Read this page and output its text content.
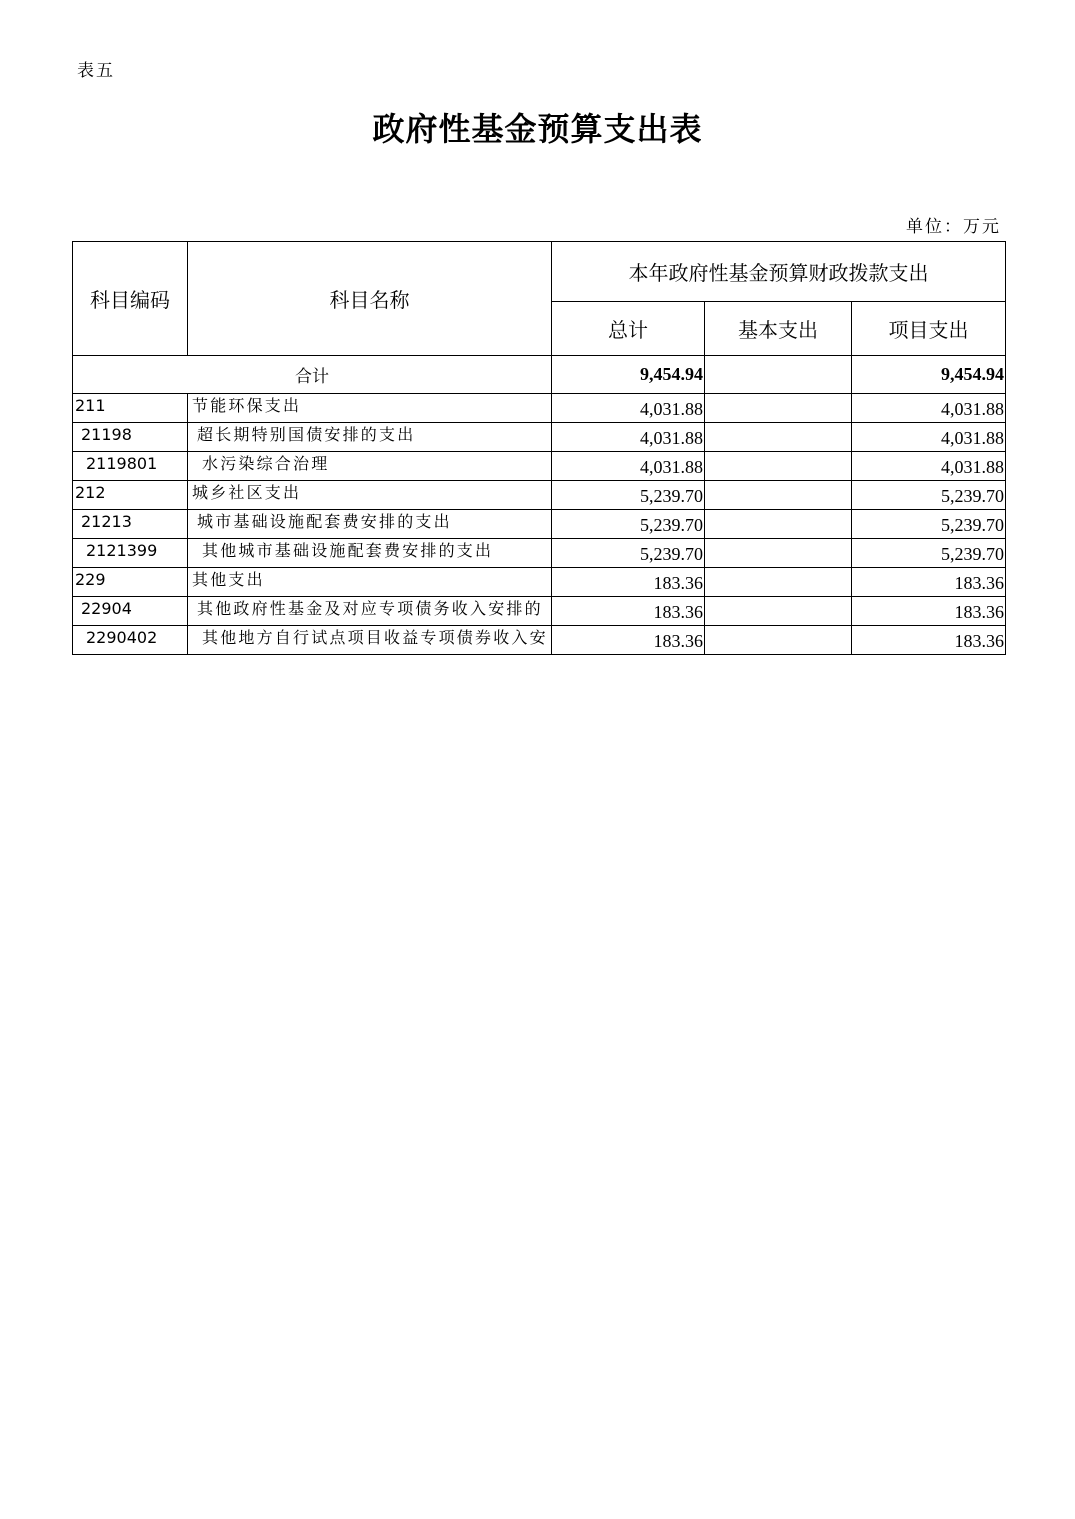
表五
政府性基金预算支出表
单位：万元
科目编码	科目名称	本年政府性基金预算财政拨款支出		
		总计	基本支出	项目支出
合计		9,454.94		9,454.94
211	节能环保支出	4,031.88		4,031.88
21198	超长期特别国债安排的支出	4,031.88		4,031.88
2119801	水污染综合治理	4,031.88		4,031.88
212	城乡社区支出	5,239.70		5,239.70
21213	城市基础设施配套费安排的支出	5,239.70		5,239.70
2121399	其他城市基础设施配套费安排的支出	5,239.70		5,239.70
229	其他支出	183.36		183.36
22904	其他政府性基金及对应专项债务收入安排的	183.36		183.36
2290402	其他地方自行试点项目收益专项债券收入安	183.36		183.36
